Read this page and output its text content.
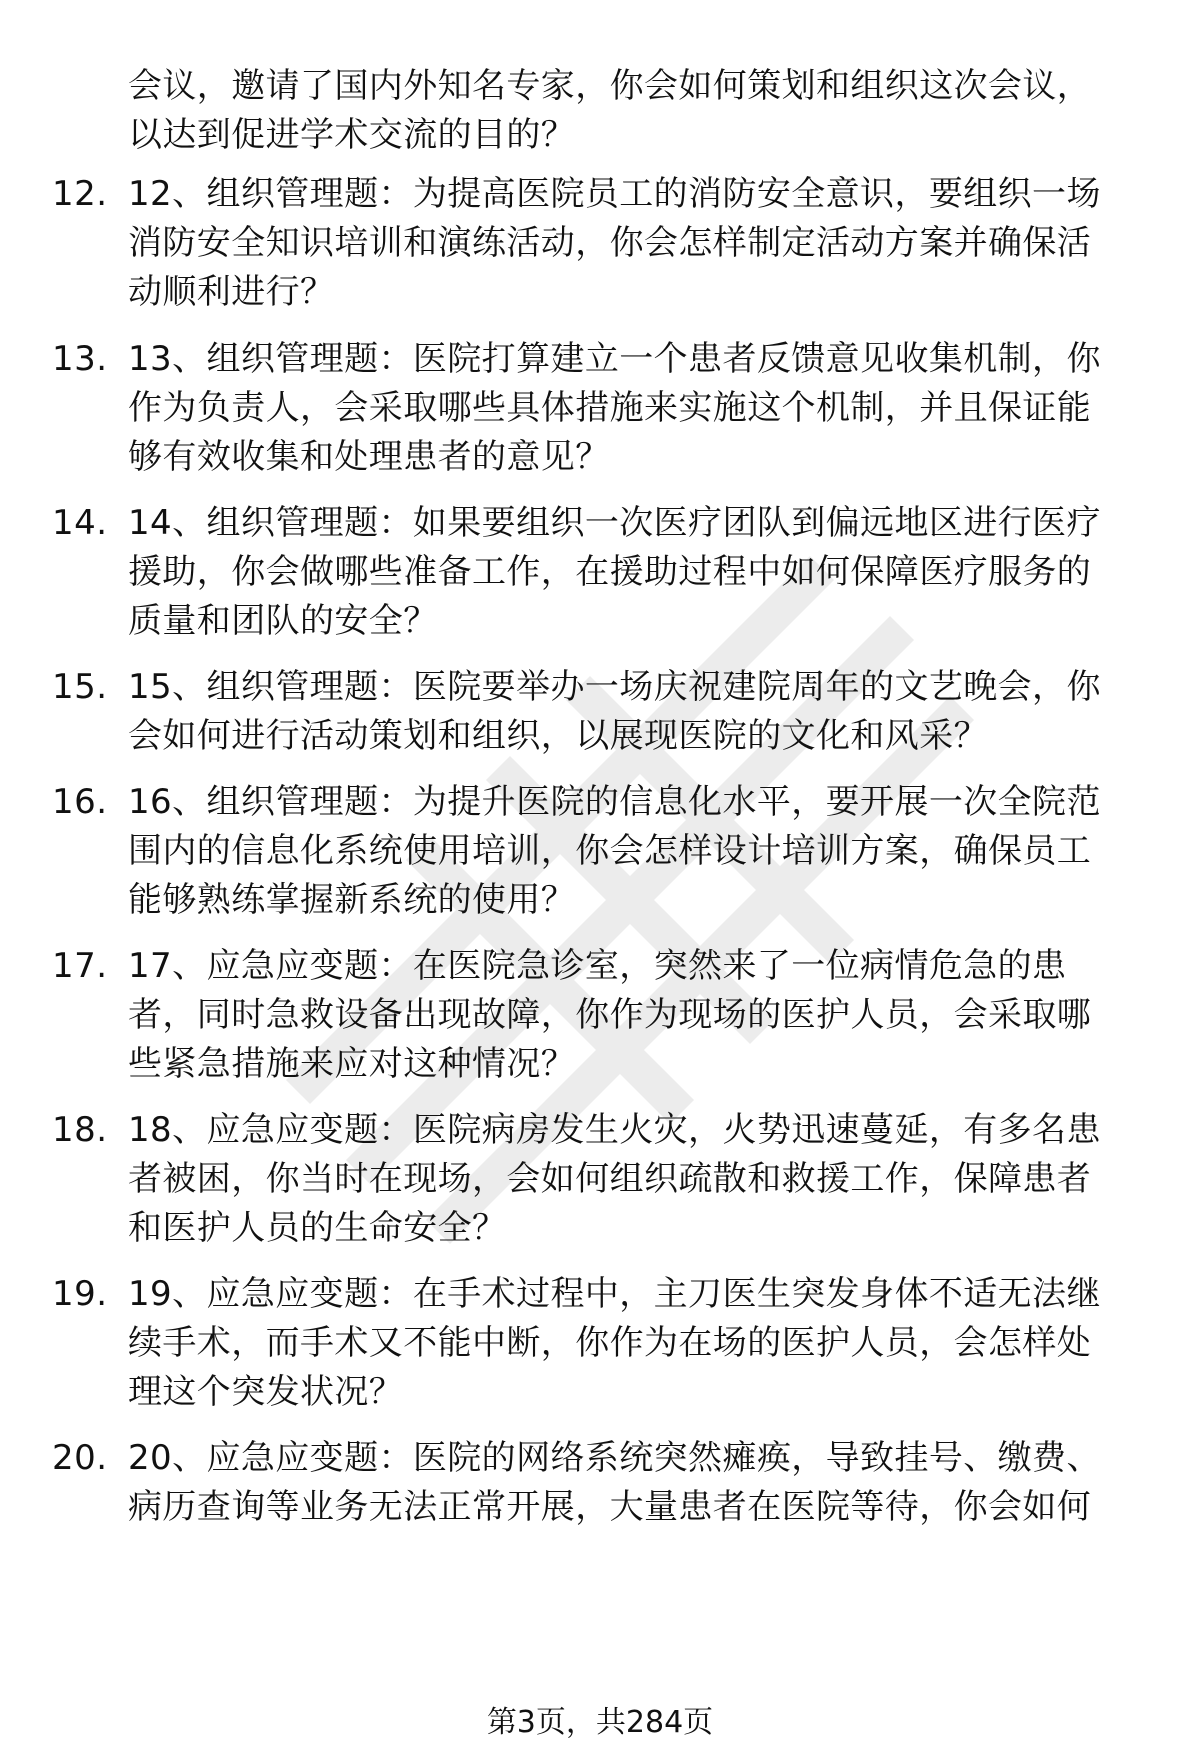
会议，邀请了国内外知名专家，你会如何策划和组织这次会议，
以达到促进学术交流的目的？
12. 12、组织管理题：为提高医院员工的消防安全意识，要组织一场
消防安全知识培训和演练活动，你会怎样制定活动方案并确保活
动顺利进行？
13. 13、组织管理题：医院打算建立一个患者反馈意见收集机制，你
作为负责人，会采取哪些具体措施来实施这个机制，并且保证能
够有效收集和处理患者的意见？
14. 14、组织管理题：如果要组织一次医疗团队到偏远地区进行医疗
援助，你会做哪些准备工作，在援助过程中如何保障医疗服务的
质量和团队的安全？
15. 15、组织管理题：医院要举办一场庆祝建院周年的文艺晚会，你
会如何进行活动策划和组织，以展现医院的文化和风采？
16. 16、组织管理题：为提升医院的信息化水平，要开展一次全院范
围内的信息化系统使用培训，你会怎样设计培训方案，确保员工
能够熟练掌握新系统的使用？
17. 17、应急应变题：在医院急诊室，突然来了一位病情危急的患
者，同时急救设备出现故障，你作为现场的医护人员，会采取哪
些紧急措施来应对这种情况？
18. 18、应急应变题：医院病房发生火灾，火势迅速蔓延，有多名患
者被困，你当时在现场，会如何组织疏散和救援工作，保障患者
和医护人员的生命安全？
19. 19、应急应变题：在手术过程中，主刀医生突发身体不适无法继
续手术，而手术又不能中断，你作为在场的医护人员，会怎样处
理这个突发状况？
20. 20、应急应变题：医院的网络系统突然瘫痪，导致挂号、缴费、
病历查询等业务无法正常开展，大量患者在医院等待，你会如何
第3页，共284页
